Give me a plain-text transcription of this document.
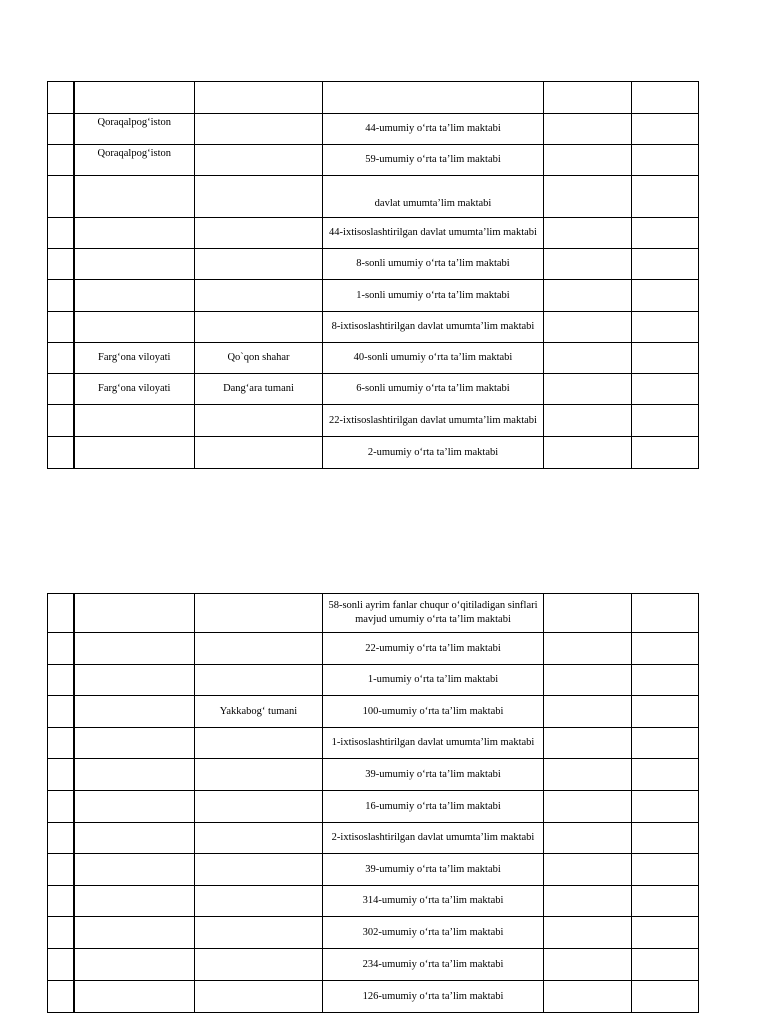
	Qoraqalpog‘iston		44-umumiy o‘rta ta’lim maktabi		
	Qoraqalpog‘iston		59-umumiy o‘rta ta’lim maktabi		
			davlat umumta’lim maktabi		
			44-ixtisoslashtirilgan davlat umumta’lim maktabi		
			8-sonli umumiy o‘rta ta’lim maktabi		
			1-sonli umumiy o‘rta ta’lim maktabi		
			8-ixtisoslashtirilgan davlat umumta’lim maktabi		
	Farg‘ona viloyati	Qo`qon shahar	40-sonli umumiy o‘rta ta’lim maktabi		
	Farg‘ona viloyati	Dang‘ara tumani	6-sonli umumiy o‘rta ta’lim maktabi		
			22-ixtisoslashtirilgan davlat umumta’lim maktabi		
			2-umumiy o‘rta ta’lim maktabi		
			58-sonli ayrim fanlar chuqur o‘qitiladigan sinflari mavjud umumiy o‘rta ta’lim maktabi		
			22-umumiy o‘rta ta’lim maktabi		
			1-umumiy o‘rta ta’lim maktabi		
		Yakkabog‘ tumani	100-umumiy o‘rta ta’lim maktabi		
			1-ixtisoslashtirilgan davlat umumta’lim maktabi		
			39-umumiy o‘rta ta’lim maktabi		
			16-umumiy o‘rta ta’lim maktabi		
			2-ixtisoslashtirilgan davlat umumta’lim maktabi		
			39-umumiy o‘rta ta’lim maktabi		
			314-umumiy o‘rta ta’lim maktabi		
			302-umumiy o‘rta ta’lim maktabi		
			234-umumiy o‘rta ta’lim maktabi		
			126-umumiy o‘rta ta’lim maktabi		
